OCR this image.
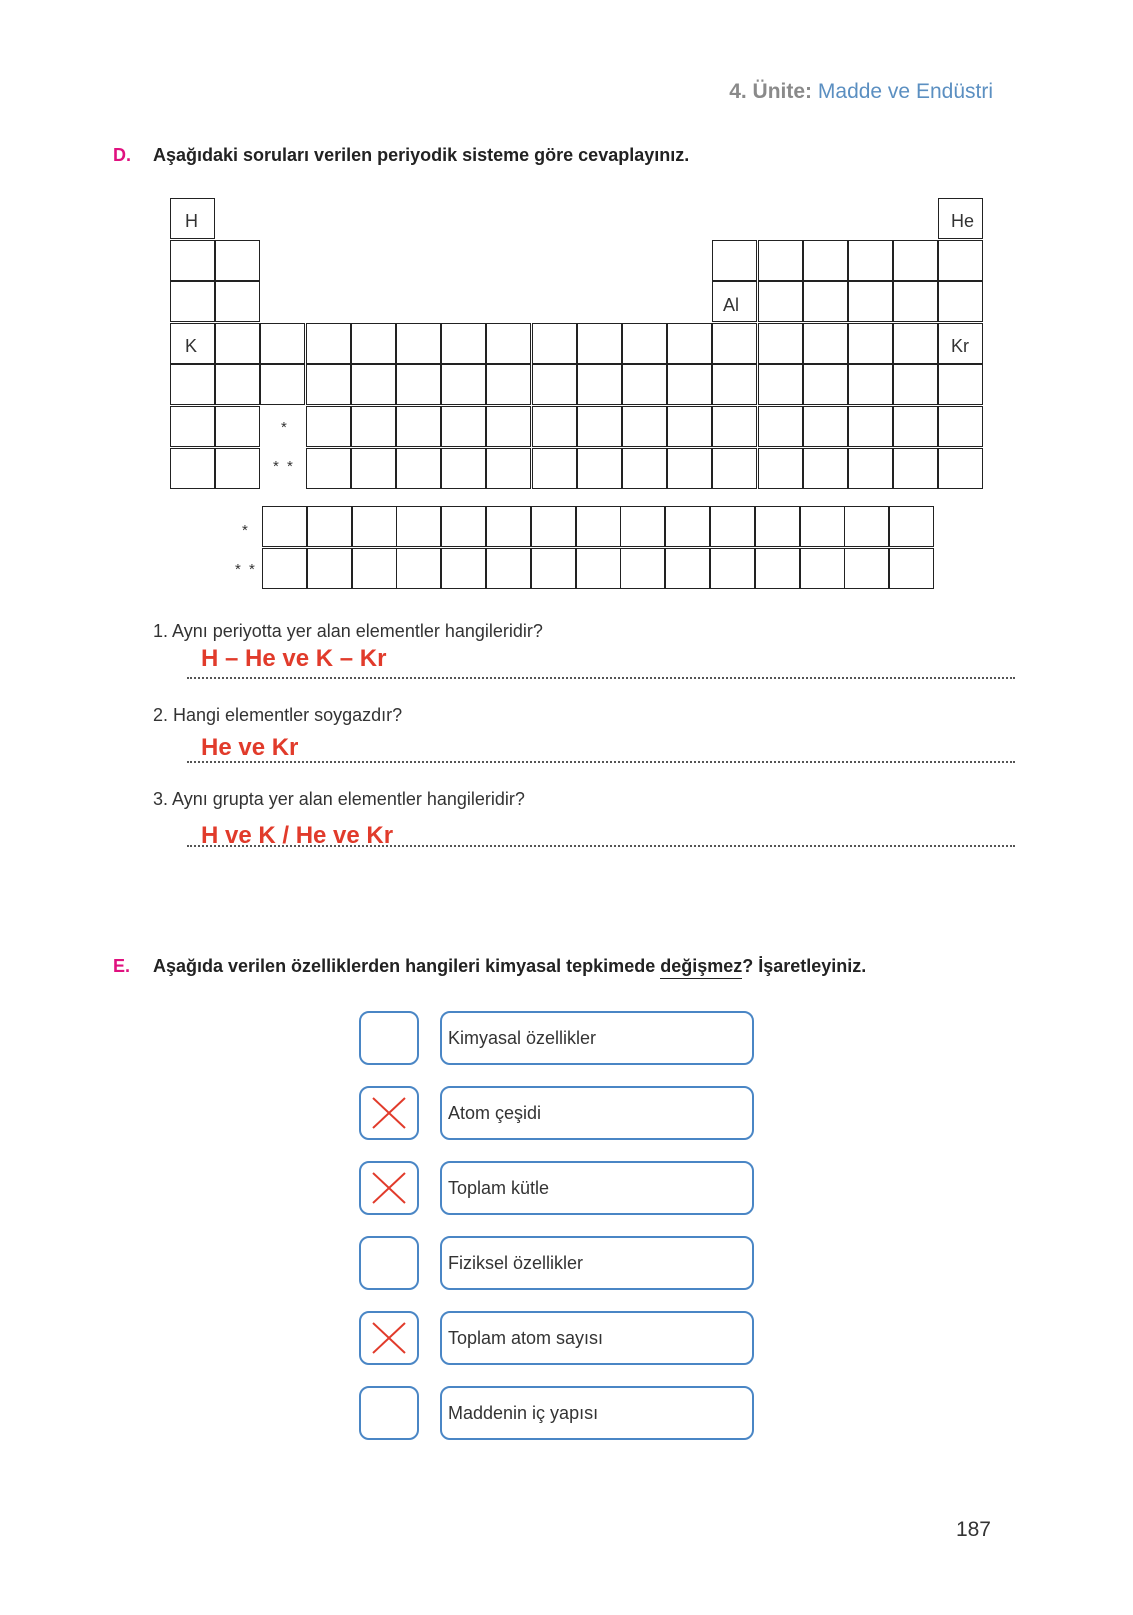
4. Ünite: Madde ve Endüstri
D. Aşağıdaki soruları verilen periyodik sisteme göre cevaplayınız.
H	He
Al
K	Kr
*
* *
*
* *
1. Aynı periyotta yer alan elementler hangileridir?
H – He ve K – Kr
2. Hangi elementler soygazdır?
He ve Kr
3. Aynı grupta yer alan elementler hangileridir?
H ve K / He ve Kr
E. Aşağıda verilen özelliklerden hangileri kimyasal tepkimede değişmez? İşaretleyiniz.
Kimyasal özellikler
Atom çeşidi
Toplam kütle
Fiziksel özellikler
Toplam atom sayısı
Maddenin iç yapısı
187
